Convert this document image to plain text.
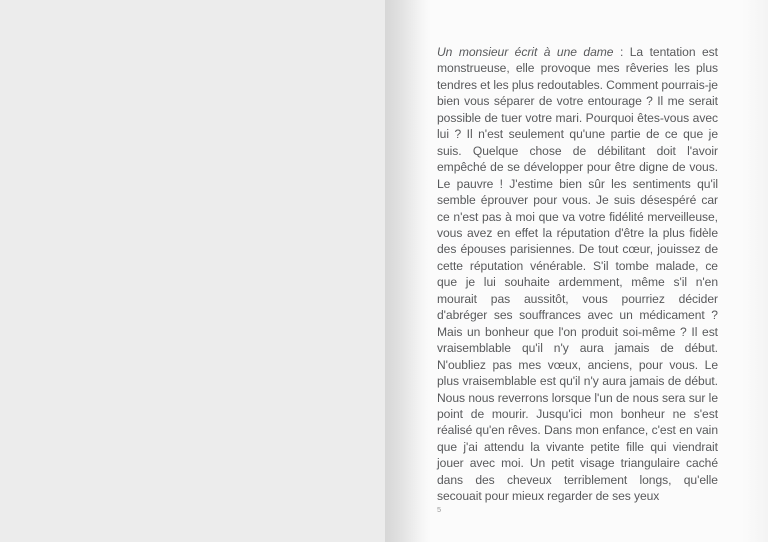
Un monsieur écrit à une dame : La tentation est monstrueuse, elle provoque mes rêveries les plus tendres et les plus redoutables. Comment pourrais-je bien vous séparer de votre entourage ? Il me serait possible de tuer votre mari. Pourquoi êtes-vous avec lui ? Il n'est seulement qu'une partie de ce que je suis. Quelque chose de débilitant doit l'avoir empêché de se développer pour être digne de vous. Le pauvre ! J'estime bien sûr les sentiments qu'il semble éprouver pour vous. Je suis désespéré car ce n'est pas à moi que va votre fidélité merveilleuse, vous avez en effet la réputation d'être la plus fidèle des épouses parisiennes. De tout cœur, jouissez de cette réputation vénérable. S'il tombe malade, ce que je lui souhaite ardemment, même s'il n'en mourait pas aussitôt, vous pourriez décider d'abréger ses souffrances avec un médicament ? Mais un bonheur que l'on produit soi-même ? Il est vraisemblable qu'il n'y aura jamais de début. N'oubliez pas mes vœux, anciens, pour vous. Le plus vraisemblable est qu'il n'y aura jamais de début. Nous nous reverrons lorsque l'un de nous sera sur le point de mourir. Jusqu'ici mon bonheur ne s'est réalisé qu'en rêves. Dans mon enfance, c'est en vain que j'ai attendu la vivante petite fille qui viendrait  jouer avec moi. Un petit visage triangulaire caché dans des cheveux terriblement longs, qu'elle secouait pour mieux regarder de ses yeux

5
